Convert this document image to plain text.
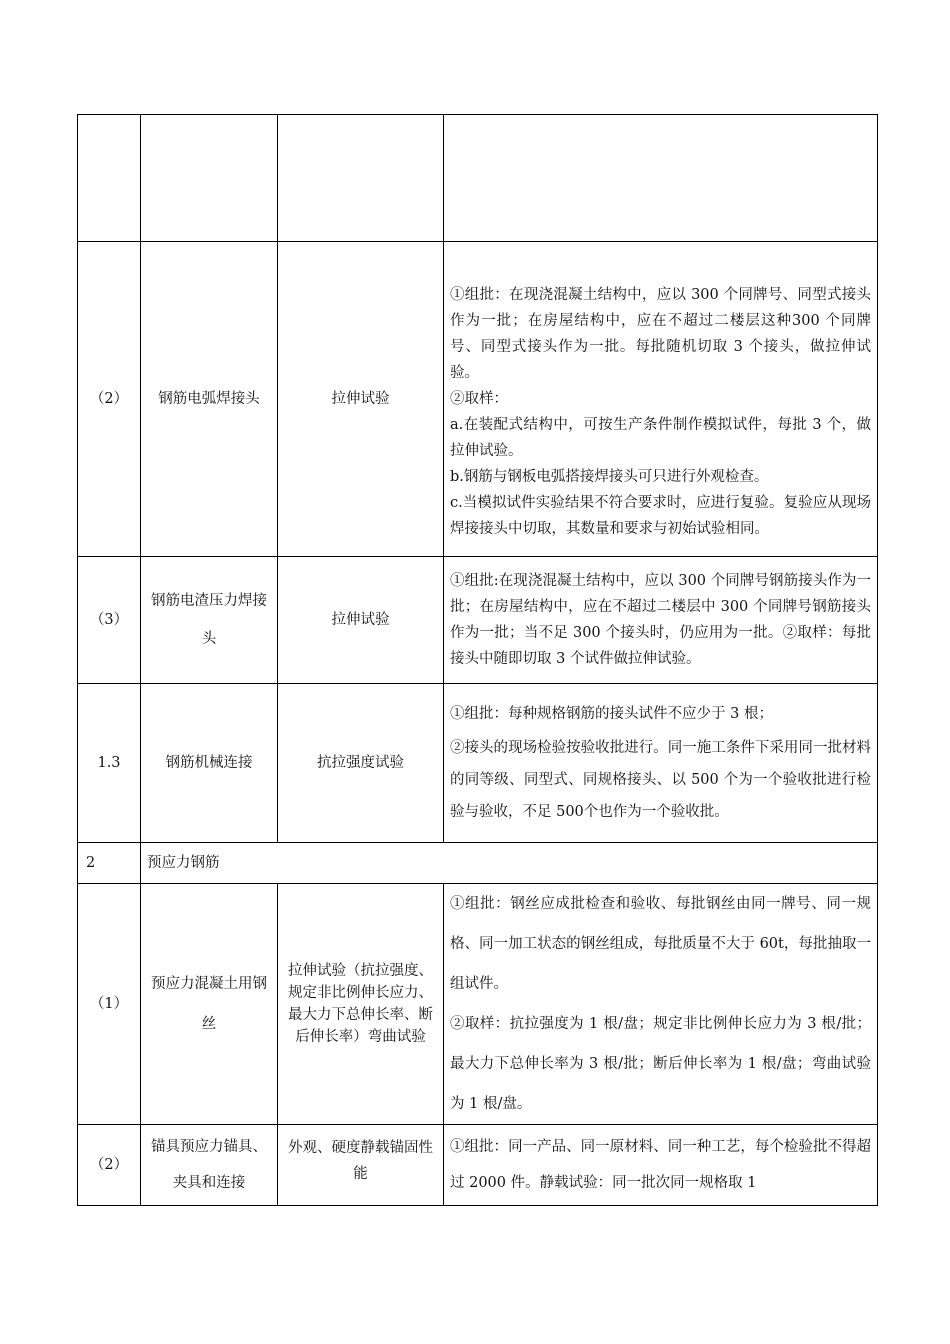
（2）	钢筋电弧焊接头	拉伸试验	①组批：在现浇混凝土结构中，应以 300 个同牌号、同型式接头作为一批；在房屋结构中，应在不超过二楼层这种300 个同牌号、同型式接头作为一批。每批随机切取 3 个接头，做拉伸试验。
②取样：
a.在装配式结构中，可按生产条件制作模拟试件，每批 3 个，做拉伸试验。
b.钢筋与钢板电弧搭接焊接头可只进行外观检查。
c.当模拟试件实验结果不符合要求时，应进行复验。复验应从现场焊接接头中切取，其数量和要求与初始试验相同。

（3）	钢筋电渣压力焊接头	拉伸试验	①组批:在现浇混凝土结构中，应以 300 个同牌号钢筋接头作为一批；在房屋结构中，应在不超过二楼层中 300 个同牌号钢筋接头作为一批；当不足 300 个接头时，仍应用为一批。②取样：每批接头中随即切取 3 个试件做拉伸试验。

1.3	钢筋机械连接	抗拉强度试验	①组批：每种规格钢筋的接头试件不应少于 3 根；
②接头的现场检验按验收批进行。同一施工条件下采用同一批材料的同等级、同型式、同规格接头、以 500 个为一个验收批进行检验与验收，不足 500个也作为一个验收批。

2	预应力钢筋		
（1）	预应力混凝土用钢丝	拉伸试验（抗拉强度、规定非比例伸长应力、最大力下总伸长率、断后伸长率）弯曲试验	①组批：钢丝应成批检查和验收、每批钢丝由同一牌号、同一规格、同一加工状态的钢丝组成，每批质量不大于 60t，每批抽取一组试件。
②取样：抗拉强度为 1 根/盘；规定非比例伸长应力为 3 根/批；最大力下总伸长率为 3 根/批；断后伸长率为 1 根/盘；弯曲试验为 1 根/盘。

（2）	锚具预应力锚具、夹具和连接	外观、硬度静载锚固性能	①组批：同一产品、同一原材料、同一种工艺，每个检验批不得超过 2000 件。静载试验：同一批次同一规格取 1
